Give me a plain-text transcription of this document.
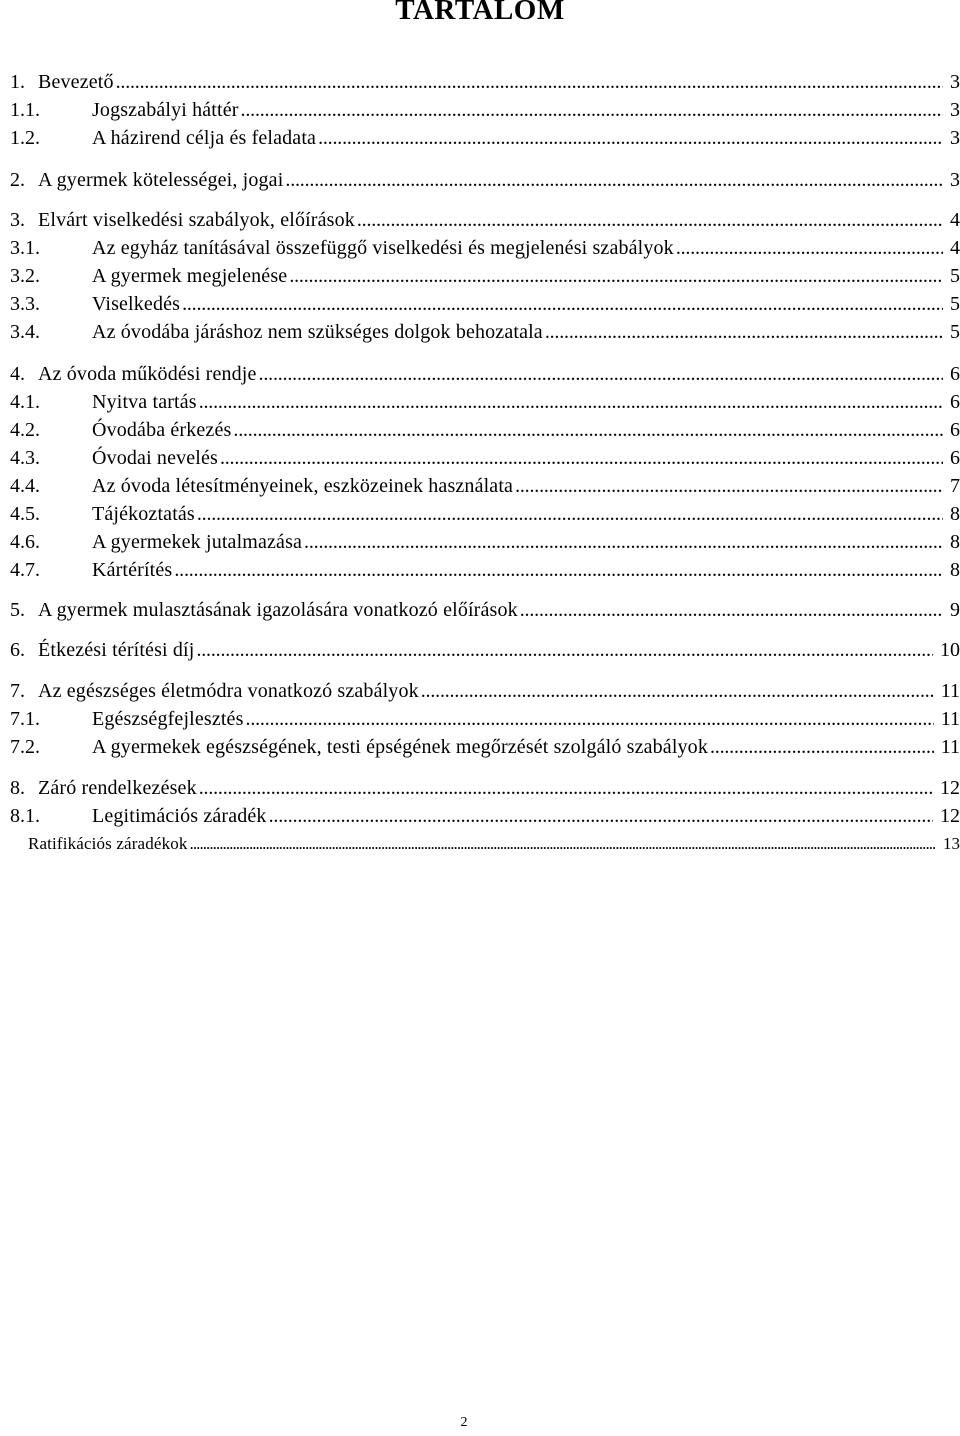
TARTALOM
1. Bevezető . . .	3
1.1.	Jogszabályi háttér . . .	3
1.2.	A házirend célja és feladata . . .	3
2. A gyermek kötelességei, jogai . . .	3
3. Elvárt viselkedési szabályok, előírások . . .	4
3.1.	Az egyház tanításával összefüggő viselkedési és megjelenési szabályok . . .	4
3.2.	A gyermek megjelenése . . .	5
3.3.	Viselkedés . . .	5
3.4.	Az óvodába járáshoz nem szükséges dolgok behozatala . . .	5
4. Az óvoda működési rendje . . .	6
4.1.	Nyitva tartás . . .	6
4.2.	Óvodába érkezés . . .	6
4.3.	Óvodai nevelés . . .	6
4.4.	Az óvoda létesítményeinek, eszközeinek használata . . .	7
4.5.	Tájékoztatás . . .	8
4.6.	A gyermekek jutalmazása . . .	8
4.7.	Kártérítés . . .	8
5. A gyermek mulasztásának igazolására vonatkozó előírások . . .	9
6. Étkezési térítési díj . . .	10
7. Az egészséges életmódra vonatkozó szabályok . . .	11
7.1.	Egészségfejlesztés . . .	11
7.2.	A gyermekek egészségének, testi épségének megőrzését szolgáló szabályok . . .	11
8. Záró rendelkezések . . .	12
8.1.	Legitimációs záradék . . .	12
Ratifikációs záradékok . . .	13
2
